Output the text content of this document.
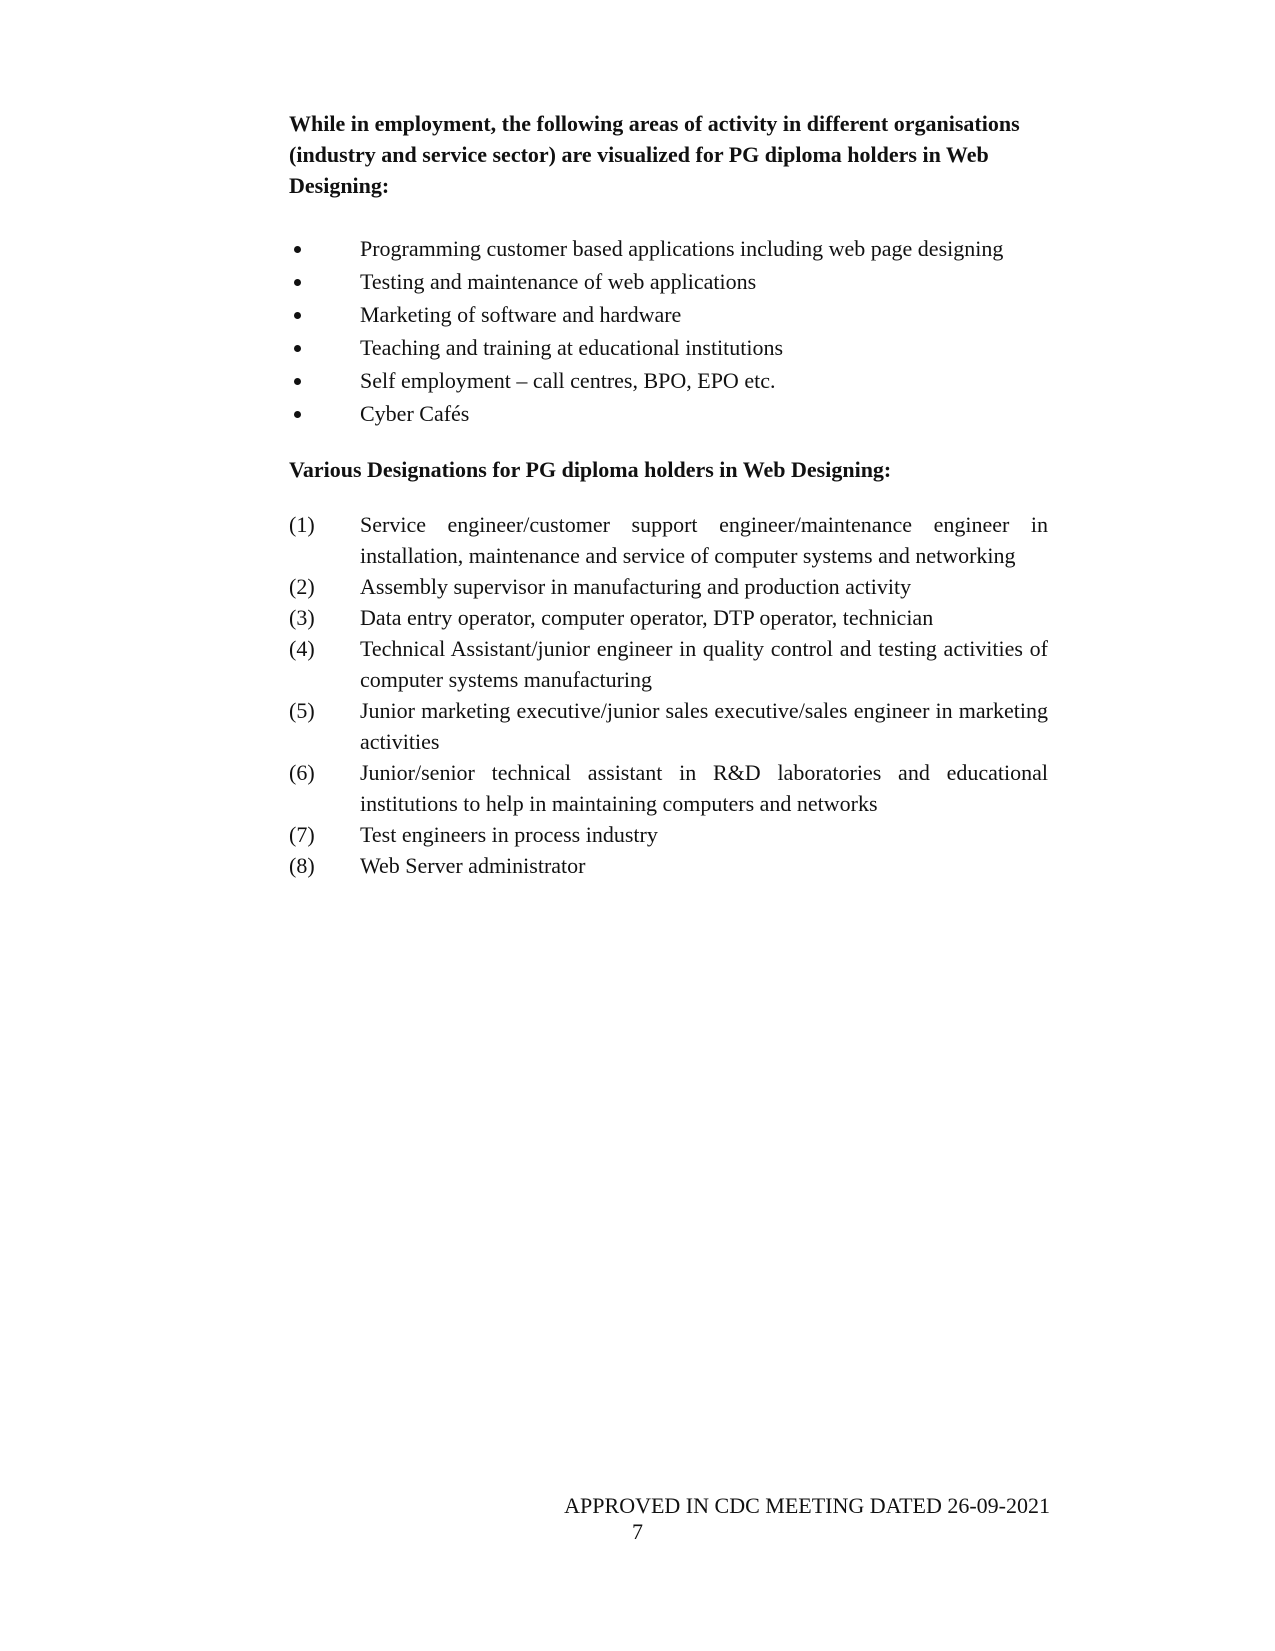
While in employment, the following areas of activity in different organisations (industry and service sector) are visualized for PG diploma holders in Web Designing:

Programming customer based applications including web page designing
Testing and maintenance of web applications
Marketing of software and hardware
Teaching and training at educational institutions
Self employment – call centres, BPO, EPO etc.
Cyber Cafés

Various Designations for PG diploma holders in Web Designing:

(1)	Service engineer/customer support engineer/maintenance engineer in installation, maintenance and service of computer systems and networking
(2)	Assembly supervisor in manufacturing and production activity
(3)	Data entry operator, computer operator, DTP operator, technician
(4)	Technical Assistant/junior engineer in quality control and testing activities of computer systems manufacturing
(5)	Junior marketing executive/junior sales executive/sales engineer in marketing activities
(6)	Junior/senior technical assistant in R&D laboratories and educational institutions to help in maintaining computers and networks
(7)	Test engineers in process industry
(8)	Web Server administrator
APPROVED IN CDC MEETING DATED 26-09-2021
7
